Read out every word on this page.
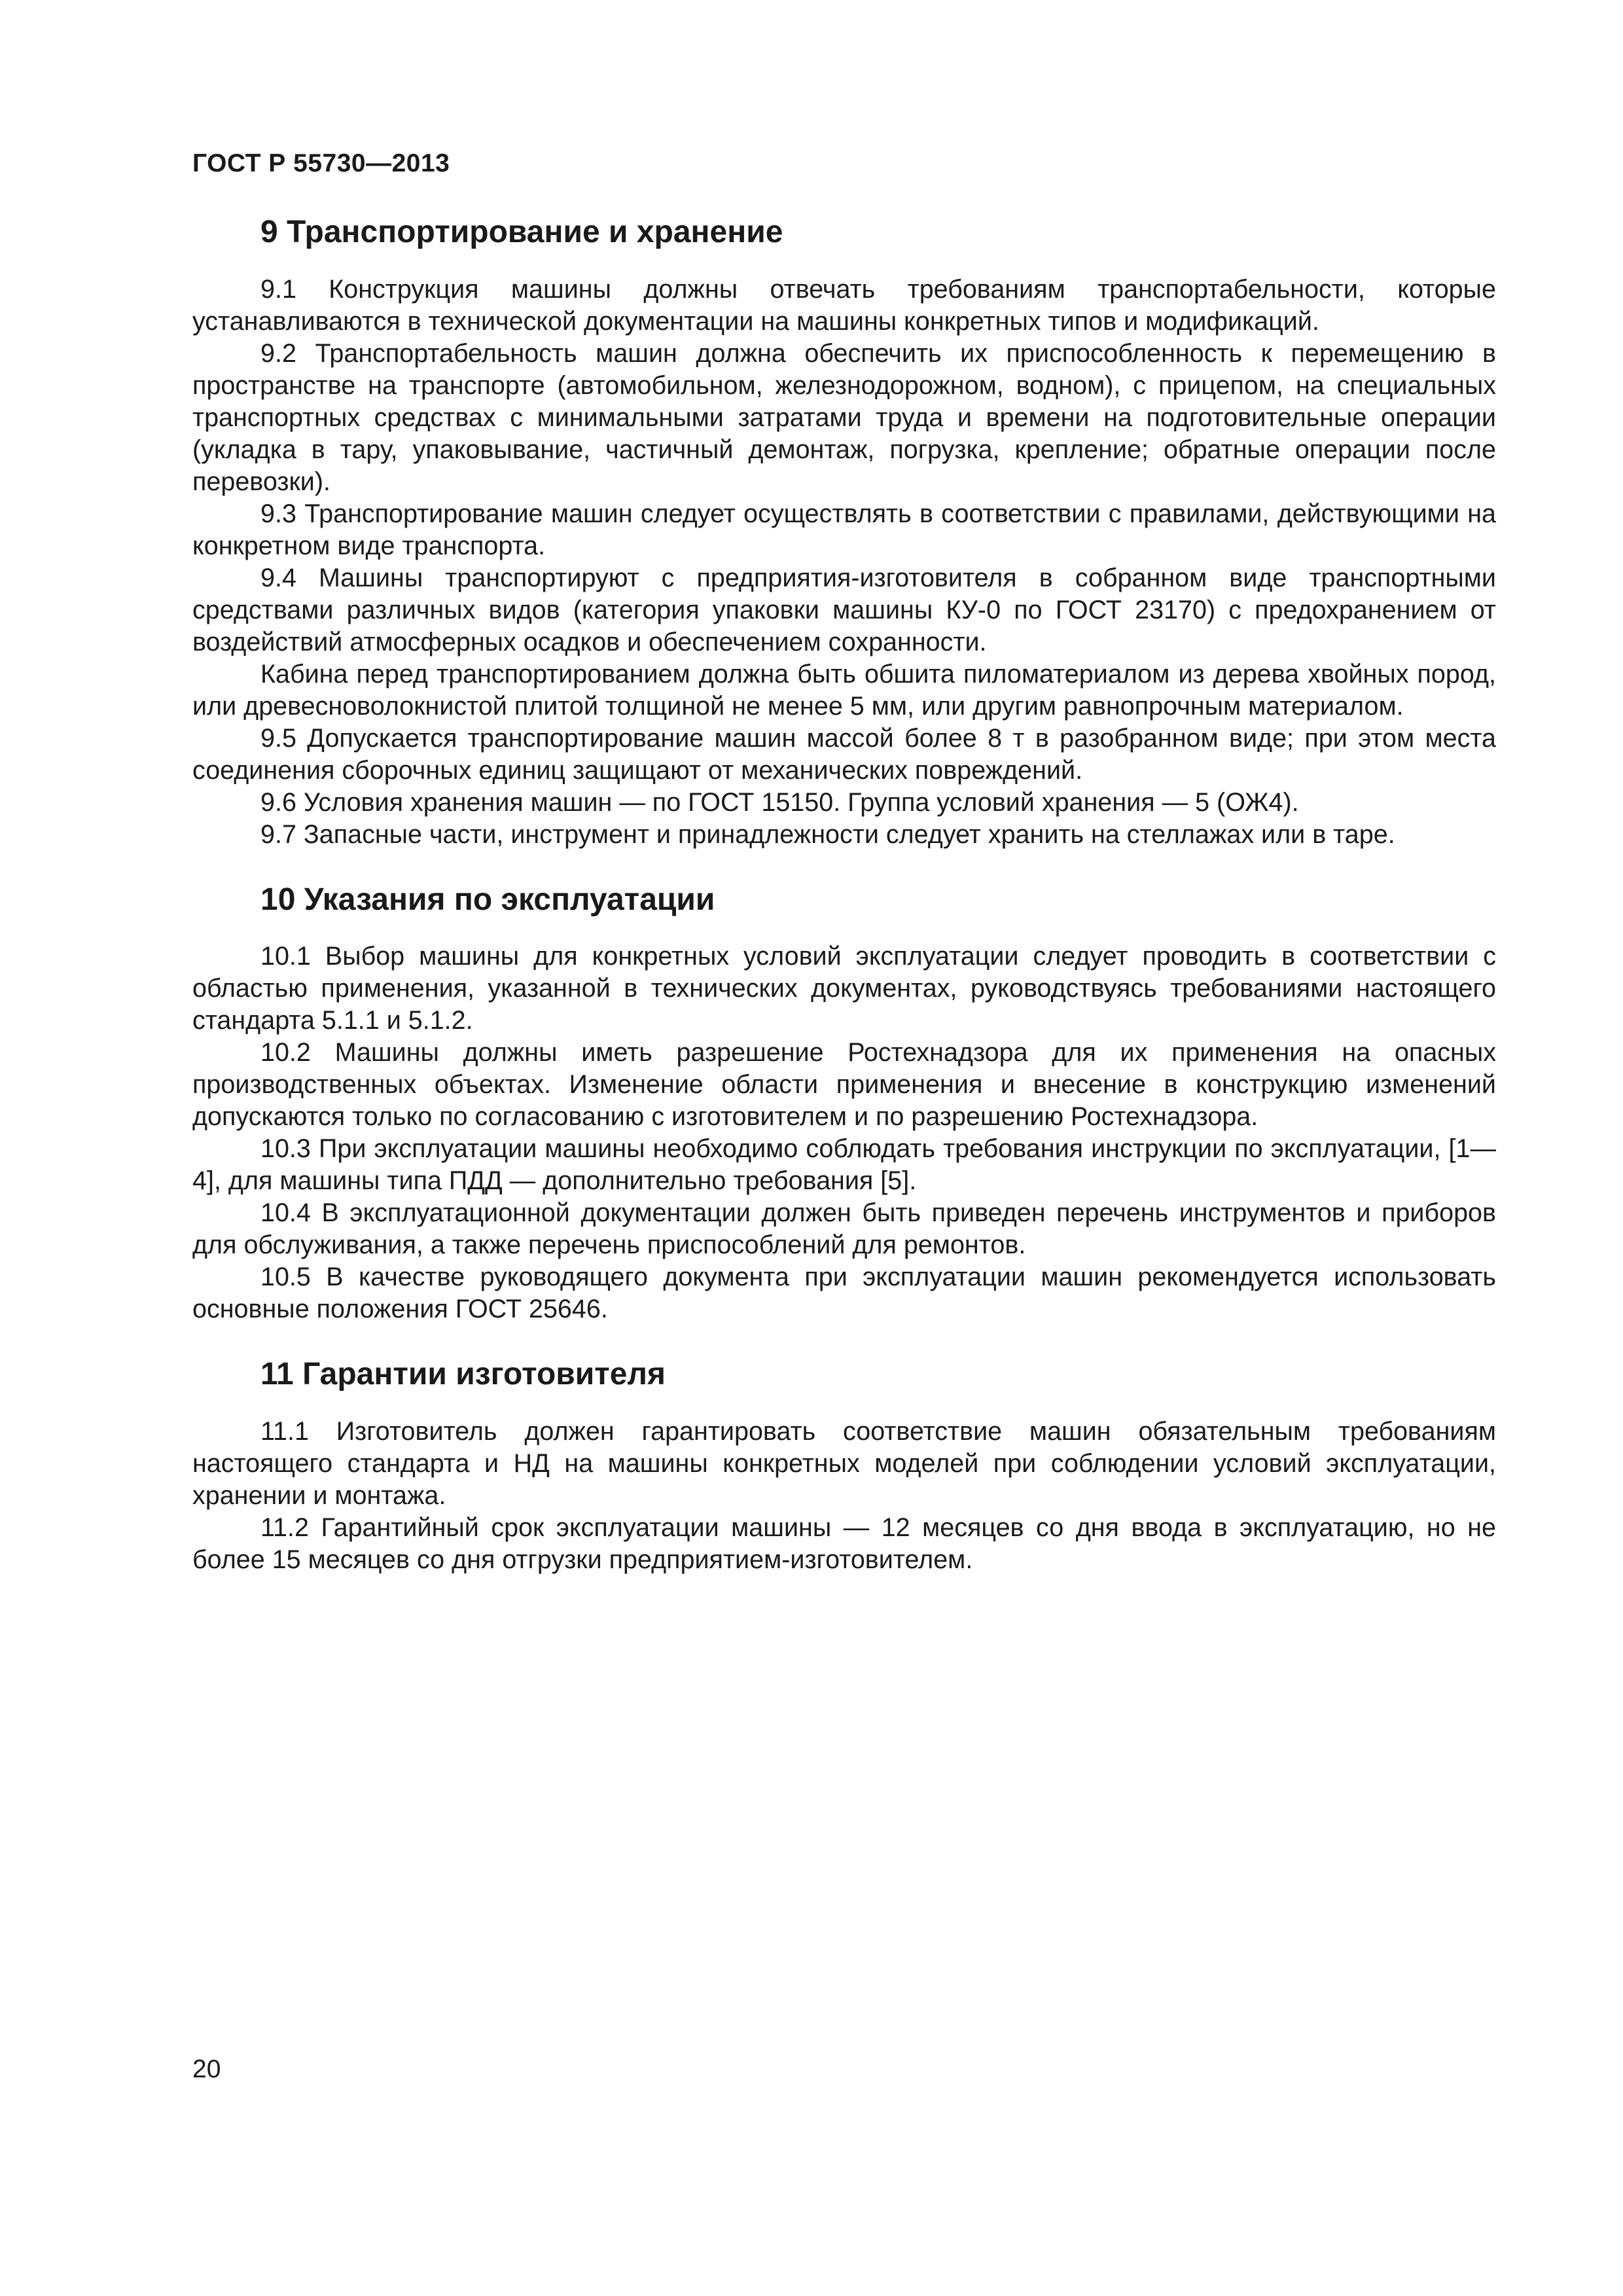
ГОСТ Р 55730—2013
9 Транспортирование и хранение

9.1 Конструкция машины должны отвечать требованиям транспортабельности, которые устанавливаются в технической документации на машины конкретных типов и модификаций.

9.2 Транспортабельность машин должна обеспечить их приспособленность к перемещению в пространстве на транспорте (автомобильном, железнодорожном, водном), с прицепом, на специальных транспортных средствах с минимальными затратами труда и времени на подготовительные операции (укладка в тару, упаковывание, частичный демонтаж, погрузка, крепление; обратные операции после перевозки).

9.3 Транспортирование машин следует осуществлять в соответствии с правилами, действующими на конкретном виде транспорта.

9.4 Машины транспортируют с предприятия-изготовителя в собранном виде транспортными средствами различных видов (категория упаковки машины КУ-0 по ГОСТ 23170) с предохранением от воздействий атмосферных осадков и обеспечением сохранности.

Кабина перед транспортированием должна быть обшита пиломатериалом из дерева хвойных пород, или древесноволокнистой плитой толщиной не менее 5 мм, или другим равнопрочным материалом.

9.5 Допускается транспортирование машин массой более 8 т в разобранном виде; при этом места соединения сборочных единиц защищают от механических повреждений.

9.6 Условия хранения машин — по ГОСТ 15150. Группа условий хранения — 5 (ОЖ4).

9.7 Запасные части, инструмент и принадлежности следует хранить на стеллажах или в таре.

10 Указания по эксплуатации

10.1 Выбор машины для конкретных условий эксплуатации следует проводить в соответствии с областью применения, указанной в технических документах, руководствуясь требованиями настоящего стандарта 5.1.1 и 5.1.2.

10.2 Машины должны иметь разрешение Ростехнадзора для их применения на опасных производственных объектах. Изменение области применения и внесение в конструкцию изменений допускаются только по согласованию с изготовителем и по разрешению Ростехнадзора.

10.3 При эксплуатации машины необходимо соблюдать требования инструкции по эксплуатации, [1—4], для машины типа ПДД — дополнительно требования [5].

10.4 В эксплуатационной документации должен быть приведен перечень инструментов и приборов для обслуживания, а также перечень приспособлений для ремонтов.

10.5 В качестве руководящего документа при эксплуатации машин рекомендуется использовать основные положения ГОСТ 25646.

11 Гарантии изготовителя

11.1 Изготовитель должен гарантировать соответствие машин обязательным требованиям настоящего стандарта и НД на машины конкретных моделей при соблюдении условий эксплуатации, хранении и монтажа.

11.2 Гарантийный срок эксплуатации машины — 12 месяцев со дня ввода в эксплуатацию, но не более 15 месяцев со дня отгрузки предприятием-изготовителем.

20
